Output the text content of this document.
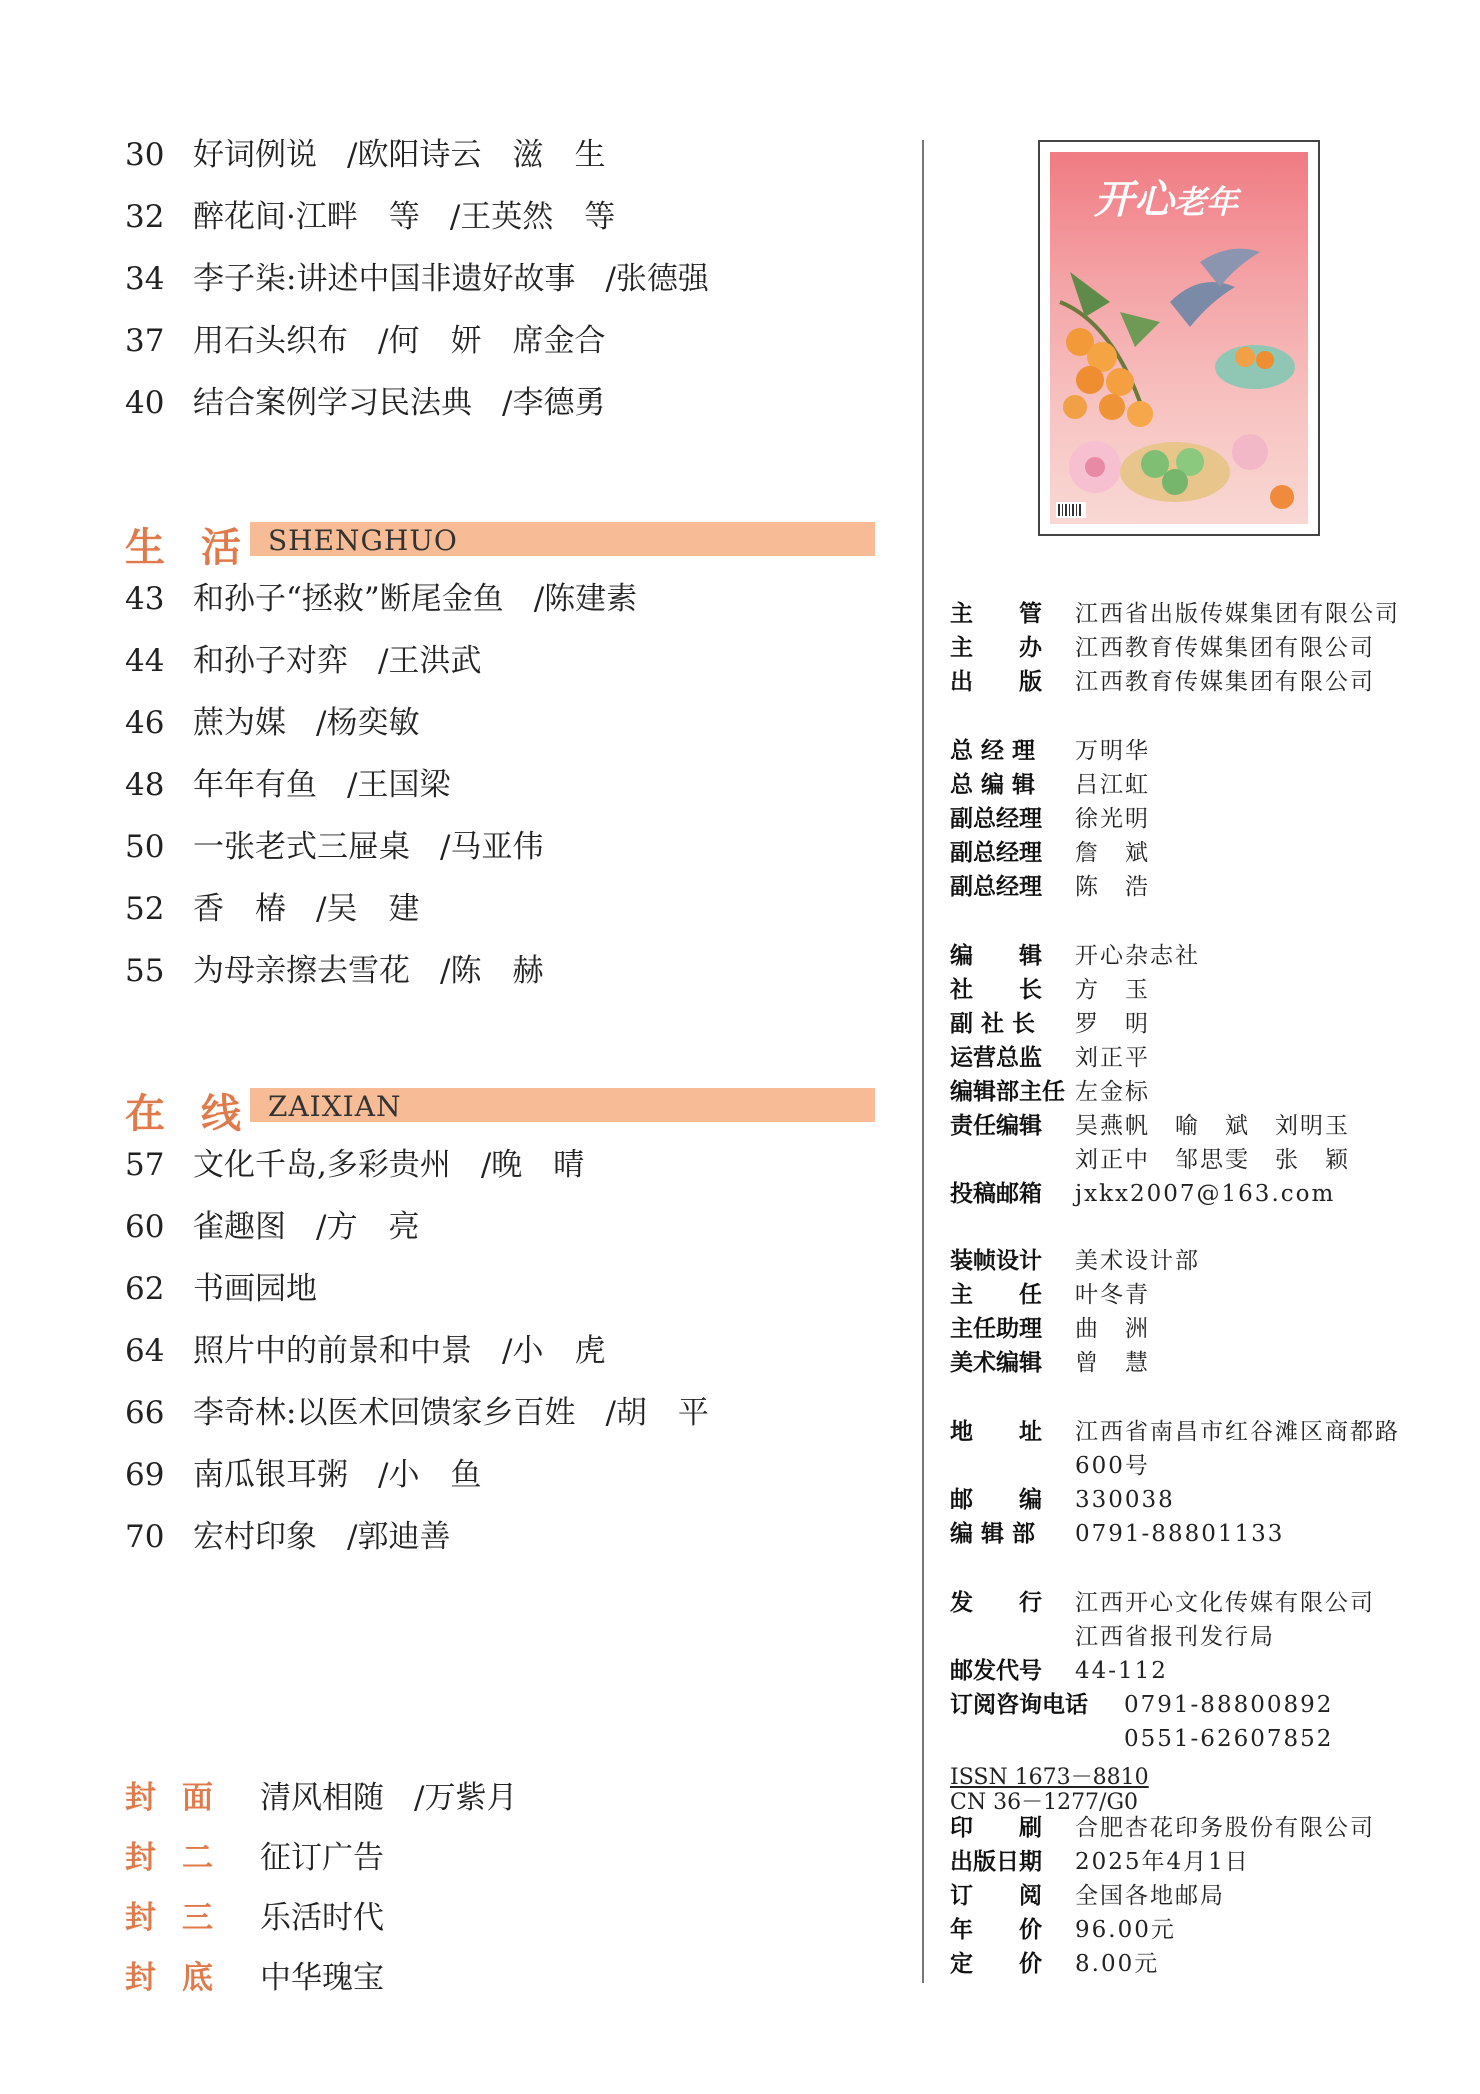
30 好词例说 /欧阳诗云　滋　生
32 醉花间·江畔　等 /王英然　等
34 李子柒:讲述中国非遗好故事 /张德强
37 用石头织布 /何　妍　席金合
40 结合案例学习民法典 /李德勇
生活
SHENGHUO
43 和孙子“拯救”断尾金鱼 /陈建素
44 和孙子对弈 /王洪武
46 蔗为媒 /杨奕敏
48 年年有鱼 /王国梁
50 一张老式三屉桌 /马亚伟
52 香　椿 /吴　建
55 为母亲擦去雪花 /陈　赫
在线
ZAIXIAN
57 文化千岛,多彩贵州 /晚　晴
60 雀趣图 /方　亮
62 书画园地
64 照片中的前景和中景 /小　虎
66 李奇林:以医术回馈家乡百姓 /胡　平
69 南瓜银耳粥 /小　鱼
70 宏村印象 /郭迪善
封面 清风相随 /万紫月
封二 征订广告
封三 乐活时代
封底 中华瑰宝
开心老年
主　　管 江西省出版传媒集团有限公司
主　　办 江西教育传媒集团有限公司
出　　版 江西教育传媒集团有限公司
总 经 理 万明华
总 编 辑 吕江虹
副总经理 徐光明
副总经理 詹　斌
副总经理 陈　浩
编　　辑 开心杂志社
社　　长 方　玉
副 社 长 罗　明
运营总监 刘正平
编辑部主任 左金标
责任编辑 吴燕帆　喻　斌　刘明玉
刘正中　邹思雯　张　颖
投稿邮箱 jxkx2007@163.com
装帧设计 美术设计部
主　　任 叶冬青
主任助理 曲　洲
美术编辑 曾　慧
地　　址 江西省南昌市红谷滩区商都路
600号
邮　　编 330038
编 辑 部 0791-88801133
发　　行 江西开心文化传媒有限公司
江西省报刊发行局
邮发代号 44-112
订阅咨询电话 0791-88800892
0551-62607852
ISSN 1673－8810
CN 36－1277/G0
印　　刷 合肥杏花印务股份有限公司
出版日期 2025年4月1日
订　　阅 全国各地邮局
年　　价 96.00元
定　　价 8.00元
